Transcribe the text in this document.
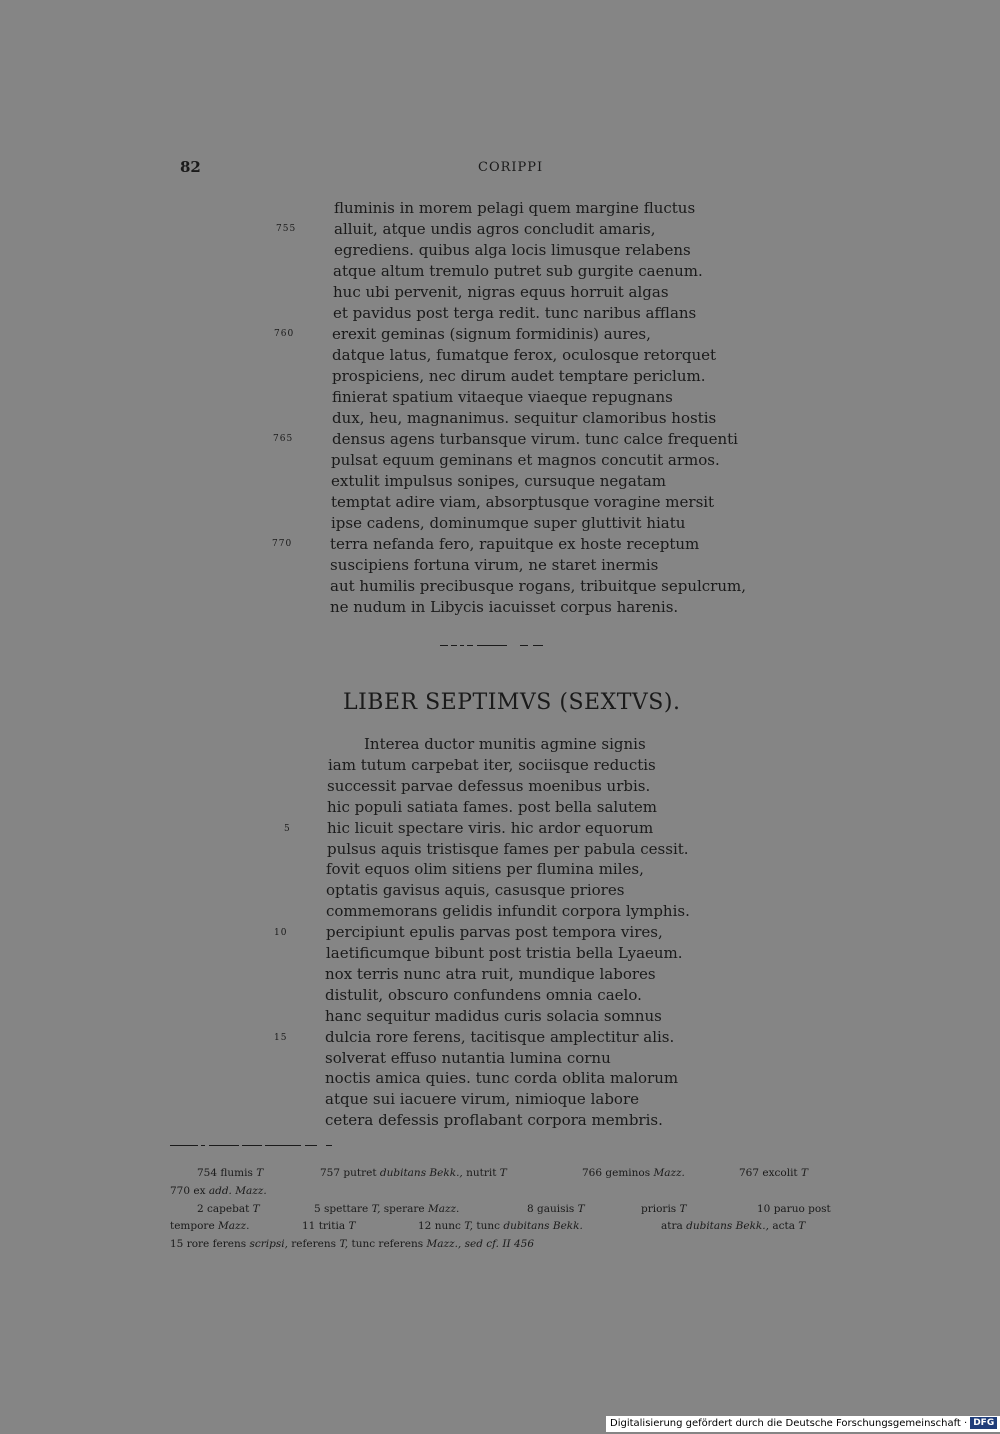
82	CORIPPI
fluminis in morem pelagi quem margine fluctus
alluit, atque undis agros concludit amaris,
egrediens. quibus alga locis limusque relabens
atque altum tremulo putret sub gurgite caenum.
huc ubi pervenit, nigras equus horruit algas
et pavidus post terga redit. tunc naribus afflans
erexit geminas (signum formidinis) aures,
datque latus, fumatque ferox, oculosque retorquet
prospiciens, nec dirum audet temptare periclum.
finierat spatium vitaeque viaeque repugnans
dux, heu, magnanimus. sequitur clamoribus hostis
densus agens turbansque virum. tunc calce frequenti
pulsat equum geminans et magnos concutit armos.
extulit impulsus sonipes, cursuque negatam
temptat adire viam, absorptusque voragine mersit
ipse cadens, dominumque super gluttivit hiatu
terra nefanda fero, rapuitque ex hoste receptum
suscipiens fortuna virum, ne staret inermis
aut humilis precibusque rogans, tribuitque sepulcrum,
ne nudum in Libycis iacuisset corpus harenis.
755
760
765
770
LIBER SEPTIMVS (SEXTVS).
Interea ductor munitis agmine signis
iam tutum carpebat iter, sociisque reductis
successit parvae defessus moenibus urbis.
hic populi satiata fames. post bella salutem
hic licuit spectare viris. hic ardor equorum
pulsus aquis tristisque fames per pabula cessit.
fovit equos olim sitiens per flumina miles,
optatis gavisus aquis, casusque priores
commemorans gelidis infundit corpora lymphis.
percipiunt epulis parvas post tempora vires,
laetificumque bibunt post tristia bella Lyaeum.
nox terris nunc atra ruit, mundique labores
distulit, obscuro confundens omnia caelo.
hanc sequitur madidus curis solacia somnus
dulcia rore ferens, tacitisque amplectitur alis.
solverat effuso nutantia lumina cornu
noctis amica quies. tunc corda oblita malorum
atque sui iacuere virum, nimioque labore
cetera defessis proflabant corpora membris.
5
10
15
754 flumis T	757 putret dubitans Bekk., nutrit T	766 geminos Mazz.	767 excolit T
770 ex add. Mazz.
2 capebat T	5 spettare T, sperare Mazz.	8 gauisis T	prioris T	10 paruo post
tempore Mazz.	11 tritia T	12 nunc T, tunc dubitans Bekk.	atra dubitans Bekk., acta T
15 rore ferens scripsi, referens T, tunc referens Mazz., sed cf. II 456
Digitalisierung gefördert durch die Deutsche Forschungsgemeinschaft · DFG
